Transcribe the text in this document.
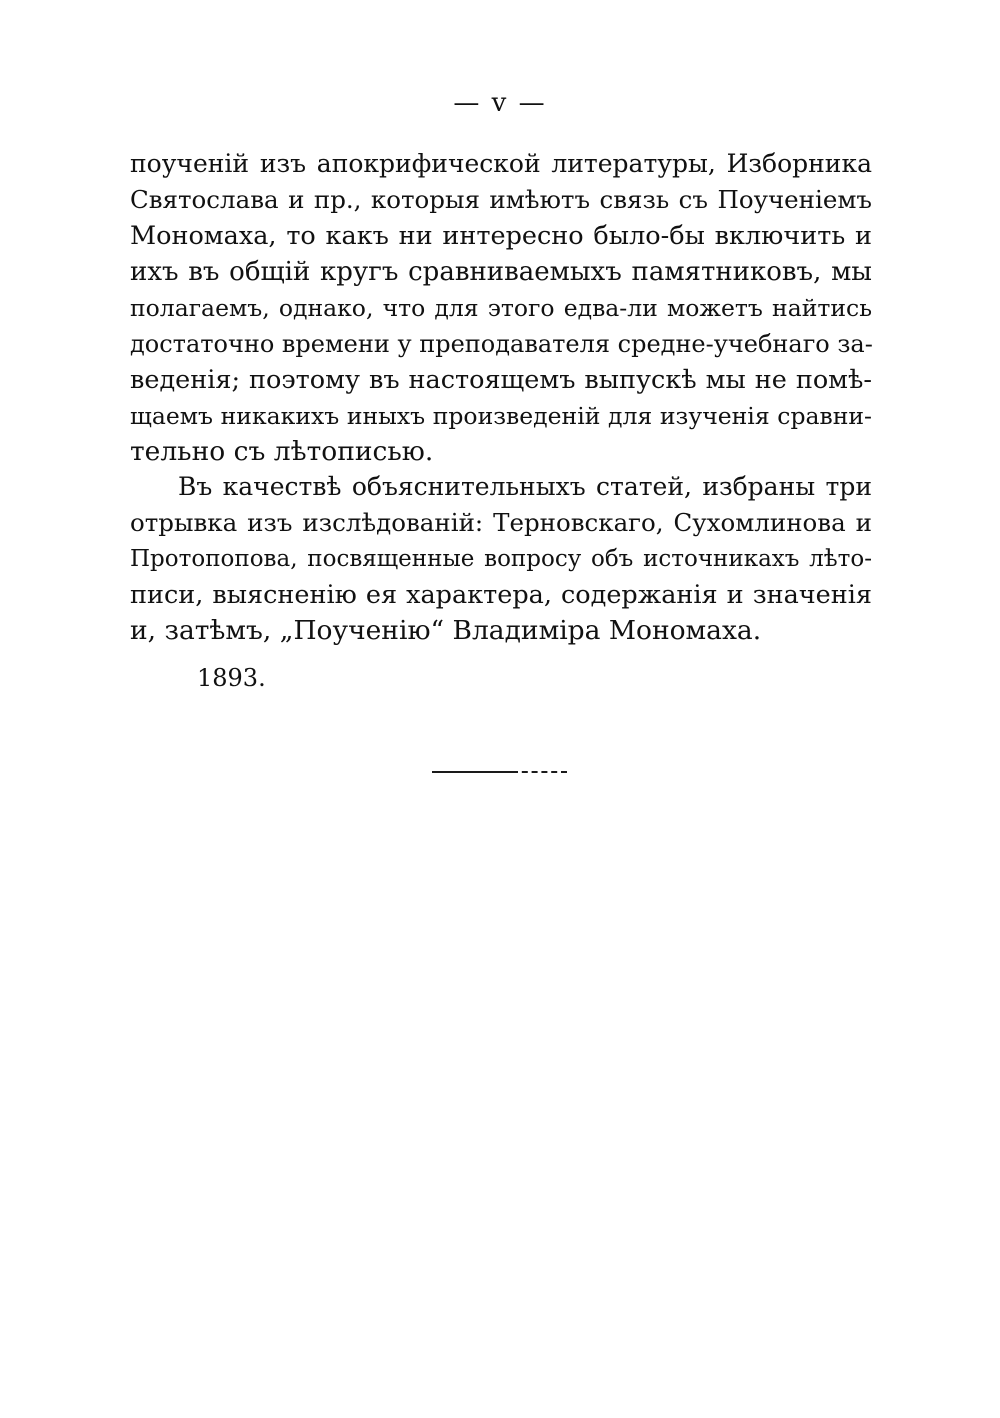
— v —
поученій изъ апокрифической литературы, Изборника
Святослава и пр., которыя имѣютъ связь съ Поученіемъ
Мономаха, то какъ ни интересно было-бы включить и
ихъ въ общій кругъ сравниваемыхъ памятниковъ, мы
полагаемъ, однако, что для этого едва-ли можетъ найтись
достаточно времени у преподавателя средне-учебнаго за-
веденія; поэтому въ настоящемъ выпускѣ мы не помѣ-
щаемъ никакихъ иныхъ произведеній для изученія сравни-
тельно съ лѣтописью.
Въ качествѣ объяснительныхъ статей, избраны три
отрывка изъ изслѣдованій: Терновскаго, Сухомлинова и
Протопопова, посвященные вопросу объ источникахъ лѣто-
писи, выясненію ея характера, содержанія и значенія
и, затѣмъ, „Поученію“ Владиміра Мономаха.
1893.
